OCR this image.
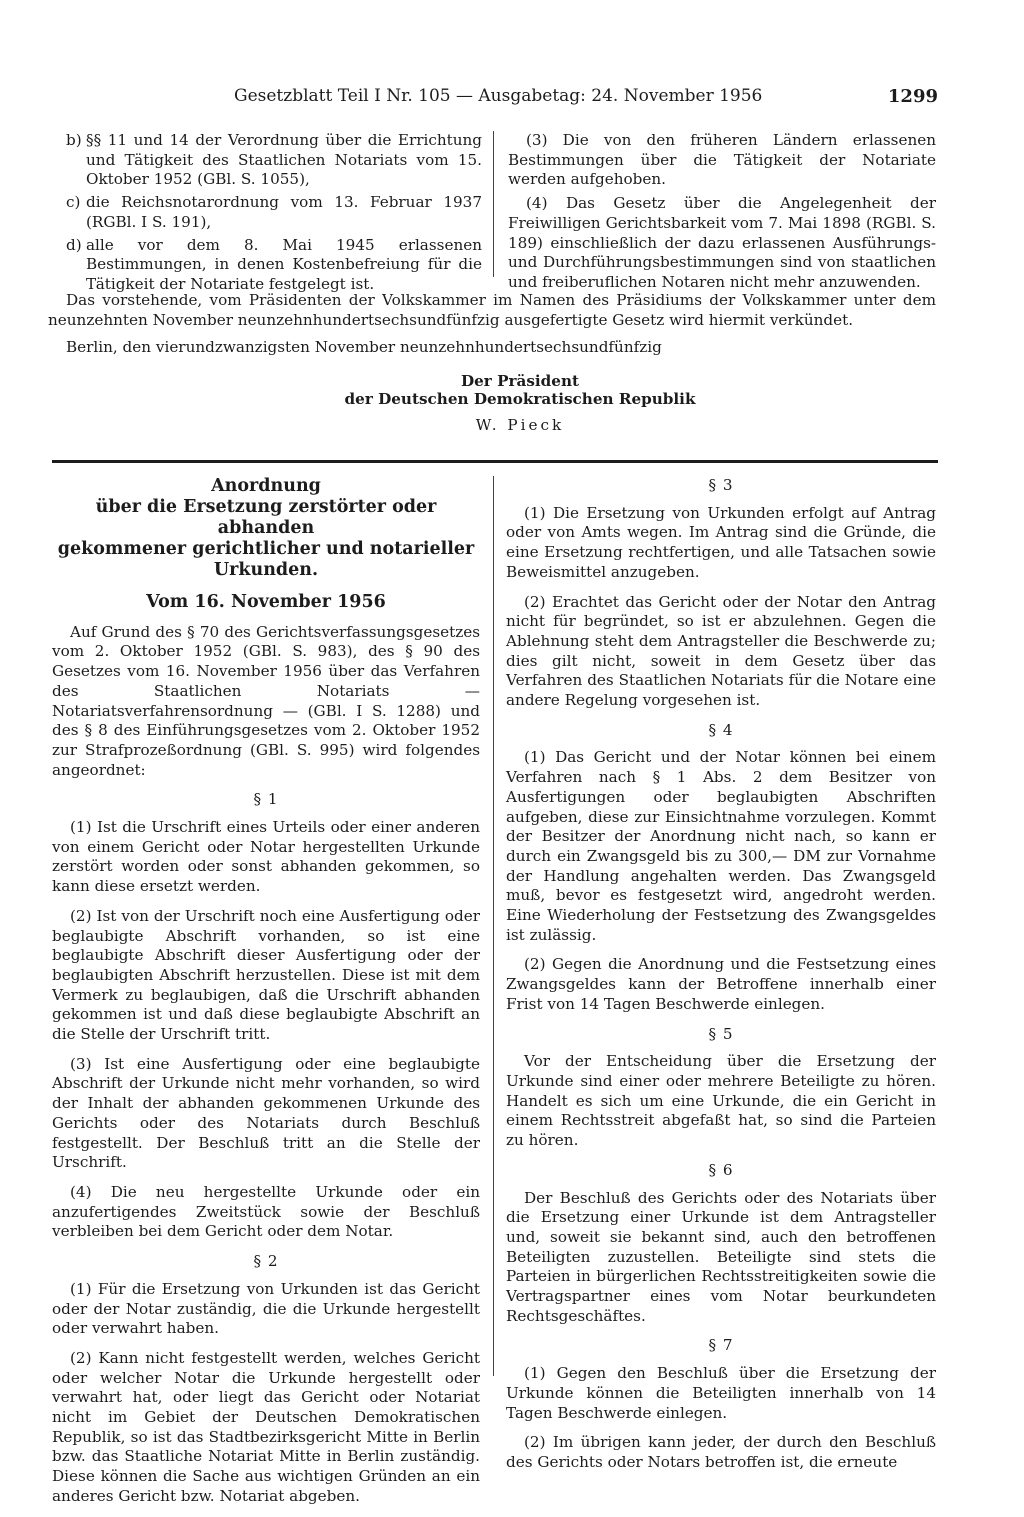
Gesetzblatt Teil I Nr. 105 — Ausgabetag: 24. November 1956	1299
b) §§ 11 und 14 der Verordnung über die Errichtung und Tätigkeit des Staatlichen Notariats vom 15. Oktober 1952 (GBl. S. 1055),
c) die Reichsnotarordnung vom 13. Februar 1937 (RGBl. I S. 191),
d) alle vor dem 8. Mai 1945 erlassenen Bestimmungen, in denen Kostenbefreiung für die Tätigkeit der Notariate festgelegt ist.

(3) Die von den früheren Ländern erlassenen Bestimmungen über die Tätigkeit der Notariate werden aufgehoben.

(4) Das Gesetz über die Angelegenheit der Freiwilligen Gerichtsbarkeit vom 7. Mai 1898 (RGBl. S. 189) einschließlich der dazu erlassenen Ausführungs- und Durchführungsbestimmungen sind von staatlichen und freiberuflichen Notaren nicht mehr anzuwenden.

Das vorstehende, vom Präsidenten der Volkskammer im Namen des Präsidiums der Volkskammer unter dem neunzehnten November neunzehnhundertsechsundfünfzig ausgefertigte Gesetz wird hiermit verkündet.

Berlin, den vierundzwanzigsten November neunzehnhundertsechsundfünfzig
Der Präsident
der Deutschen Demokratischen Republik
W. Pieck
Anordnung
über die Ersetzung zerstörter oder abhanden
gekommener gerichtlicher und notarieller Urkunden.
Vom 16. November 1956

Auf Grund des § 70 des Gerichtsverfassungsgesetzes vom 2. Oktober 1952 (GBl. S. 983), des § 90 des Gesetzes vom 16. November 1956 über das Verfahren des Staatlichen Notariats — Notariatsverfahrensordnung — (GBl. I S. 1288) und des § 8 des Einführungsgesetzes vom 2. Oktober 1952 zur Strafprozeßordnung (GBl. S. 995) wird folgendes angeordnet:

§ 1

(1) Ist die Urschrift eines Urteils oder einer anderen von einem Gericht oder Notar hergestellten Urkunde zerstört worden oder sonst abhanden gekommen, so kann diese ersetzt werden.

(2) Ist von der Urschrift noch eine Ausfertigung oder beglaubigte Abschrift vorhanden, so ist eine beglaubigte Abschrift dieser Ausfertigung oder der beglaubigten Abschrift herzustellen. Diese ist mit dem Vermerk zu beglaubigen, daß die Urschrift abhanden gekommen ist und daß diese beglaubigte Abschrift an die Stelle der Urschrift tritt.

(3) Ist eine Ausfertigung oder eine beglaubigte Abschrift der Urkunde nicht mehr vorhanden, so wird der Inhalt der abhanden gekommenen Urkunde des Gerichts oder des Notariats durch Beschluß festgestellt. Der Beschluß tritt an die Stelle der Urschrift.

(4) Die neu hergestellte Urkunde oder ein anzufertigendes Zweitstück sowie der Beschluß verbleiben bei dem Gericht oder dem Notar.

§ 2

(1) Für die Ersetzung von Urkunden ist das Gericht oder der Notar zuständig, die die Urkunde hergestellt oder verwahrt haben.

(2) Kann nicht festgestellt werden, welches Gericht oder welcher Notar die Urkunde hergestellt oder verwahrt hat, oder liegt das Gericht oder Notariat nicht im Gebiet der Deutschen Demokratischen Republik, so ist das Stadtbezirksgericht Mitte in Berlin bzw. das Staatliche Notariat Mitte in Berlin zuständig. Diese können die Sache aus wichtigen Gründen an ein anderes Gericht bzw. Notariat abgeben.

§ 3

(1) Die Ersetzung von Urkunden erfolgt auf Antrag oder von Amts wegen. Im Antrag sind die Gründe, die eine Ersetzung rechtfertigen, und alle Tatsachen sowie Beweismittel anzugeben.

(2) Erachtet das Gericht oder der Notar den Antrag nicht für begründet, so ist er abzulehnen. Gegen die Ablehnung steht dem Antragsteller die Beschwerde zu; dies gilt nicht, soweit in dem Gesetz über das Verfahren des Staatlichen Notariats für die Notare eine andere Regelung vorgesehen ist.

§ 4

(1) Das Gericht und der Notar können bei einem Verfahren nach § 1 Abs. 2 dem Besitzer von Ausfertigungen oder beglaubigten Abschriften aufgeben, diese zur Einsichtnahme vorzulegen. Kommt der Besitzer der Anordnung nicht nach, so kann er durch ein Zwangsgeld bis zu 300,— DM zur Vornahme der Handlung angehalten werden. Das Zwangsgeld muß, bevor es festgesetzt wird, angedroht werden. Eine Wiederholung der Festsetzung des Zwangsgeldes ist zulässig.

(2) Gegen die Anordnung und die Festsetzung eines Zwangsgeldes kann der Betroffene innerhalb einer Frist von 14 Tagen Beschwerde einlegen.

§ 5

Vor der Entscheidung über die Ersetzung der Urkunde sind einer oder mehrere Beteiligte zu hören. Handelt es sich um eine Urkunde, die ein Gericht in einem Rechtsstreit abgefaßt hat, so sind die Parteien zu hören.

§ 6

Der Beschluß des Gerichts oder des Notariats über die Ersetzung einer Urkunde ist dem Antragsteller und, soweit sie bekannt sind, auch den betroffenen Beteiligten zuzustellen. Beteiligte sind stets die Parteien in bürgerlichen Rechtsstreitigkeiten sowie die Vertragspartner eines vom Notar beurkundeten Rechtsgeschäftes.

§ 7

(1) Gegen den Beschluß über die Ersetzung der Urkunde können die Beteiligten innerhalb von 14 Tagen Beschwerde einlegen.

(2) Im übrigen kann jeder, der durch den Beschluß des Gerichts oder Notars betroffen ist, die erneute
